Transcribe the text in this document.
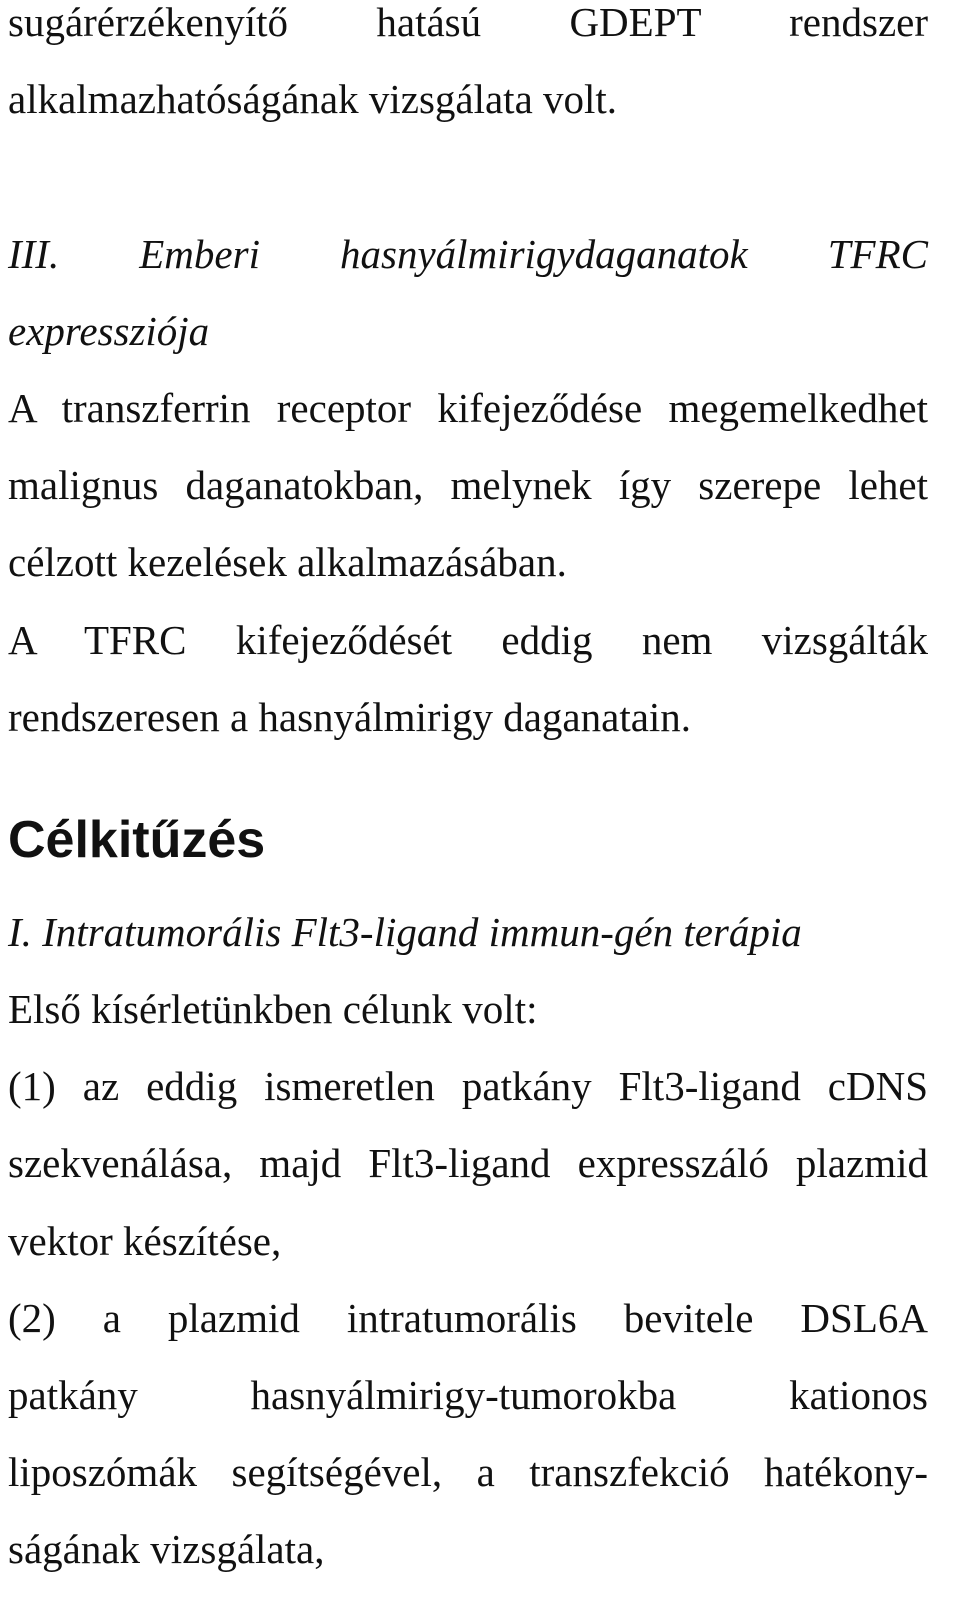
sugárérzékenyítő hatású GDEPT rendszer
alkalmazhatóságának vizsgálata volt.
III. Emberi hasnyálmirigydaganatok TFRC
expressziója
A transzferrin receptor kifejeződése megemelkedhet
malignus daganatokban, melynek így szerepe lehet
célzott kezelések alkalmazásában.
A TFRC kifejeződését eddig nem vizsgálták
rendszeresen a hasnyálmirigy daganatain.
Célkitűzés
I. Intratumorális Flt3-ligand immun-gén terápia
Első kísérletünkben célunk volt:
(1) az eddig ismeretlen patkány Flt3-ligand cDNS
szekvenálása, majd Flt3-ligand expresszáló plazmid
vektor készítése,
(2) a plazmid intratumorális bevitele DSL6A
patkány hasnyálmirigy-tumorokba kationos
liposzómák segítségével, a transzfekció hatékony-
ságának vizsgálata,
